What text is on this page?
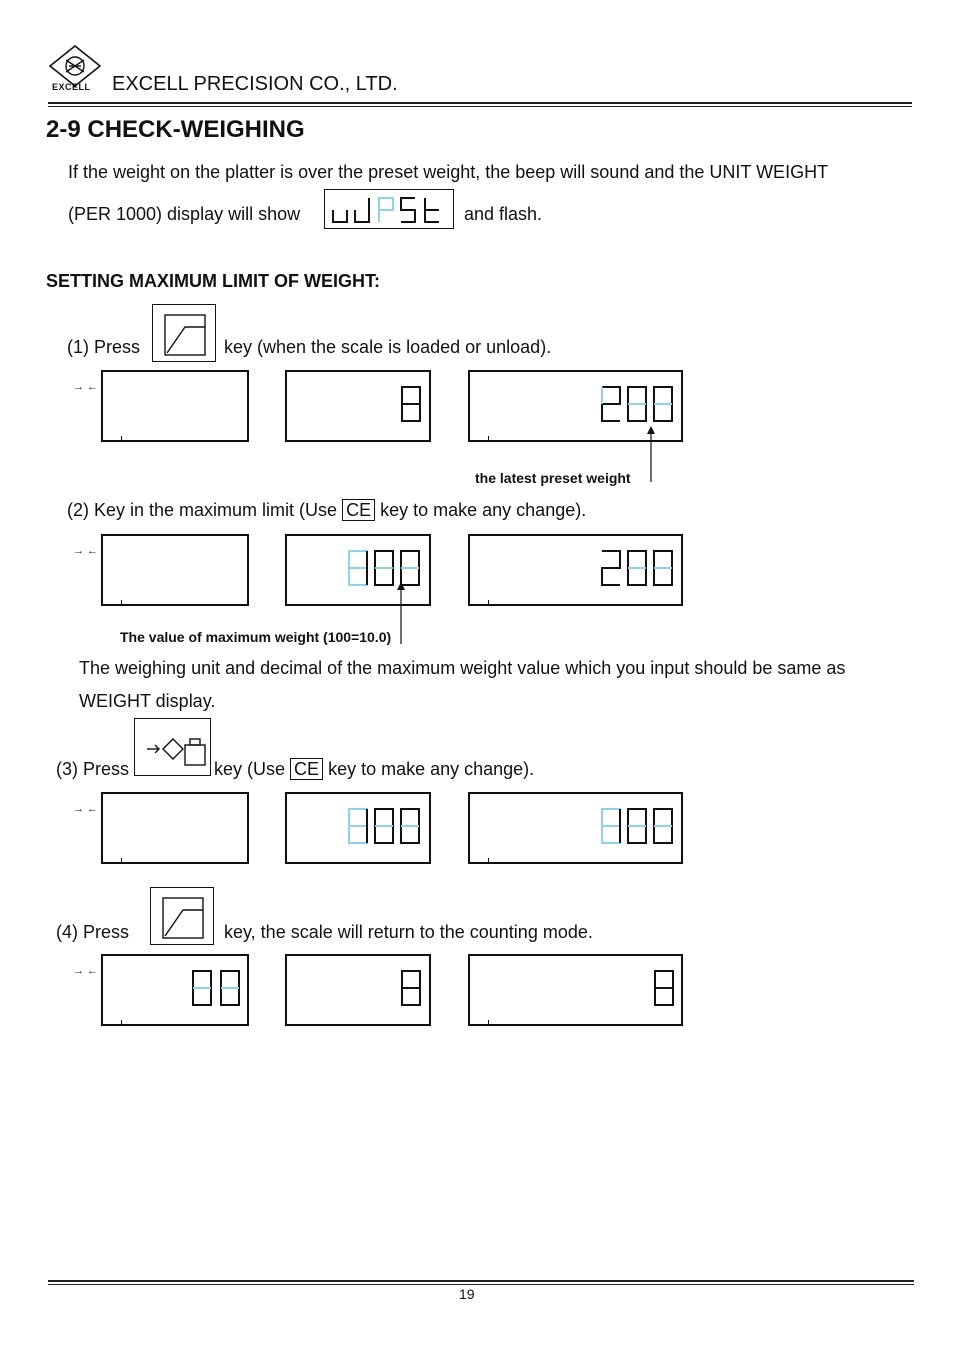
EXCELL EXCELL PRECISION CO., LTD.
2-9 CHECK-WEIGHING
If the weight on the platter is over the preset weight, the beep will sound and the UNIT WEIGHT
(PER 1000) display will show	and flash.
SETTING MAXIMUM LIMIT OF WEIGHT:
(1) Press	key (when the scale is loaded or unload).
→ ←
the latest preset weight
(2) Key in the maximum limit (Use CE key to make any change).
→ ←
The value of maximum weight (100=10.0)
The weighing unit and decimal of the maximum weight value which you input should be same as
WEIGHT display.
(3) Press	key (Use CE key to make any change).
→ ←
(4) Press	key, the scale will return to the counting mode.
→ ←
19
